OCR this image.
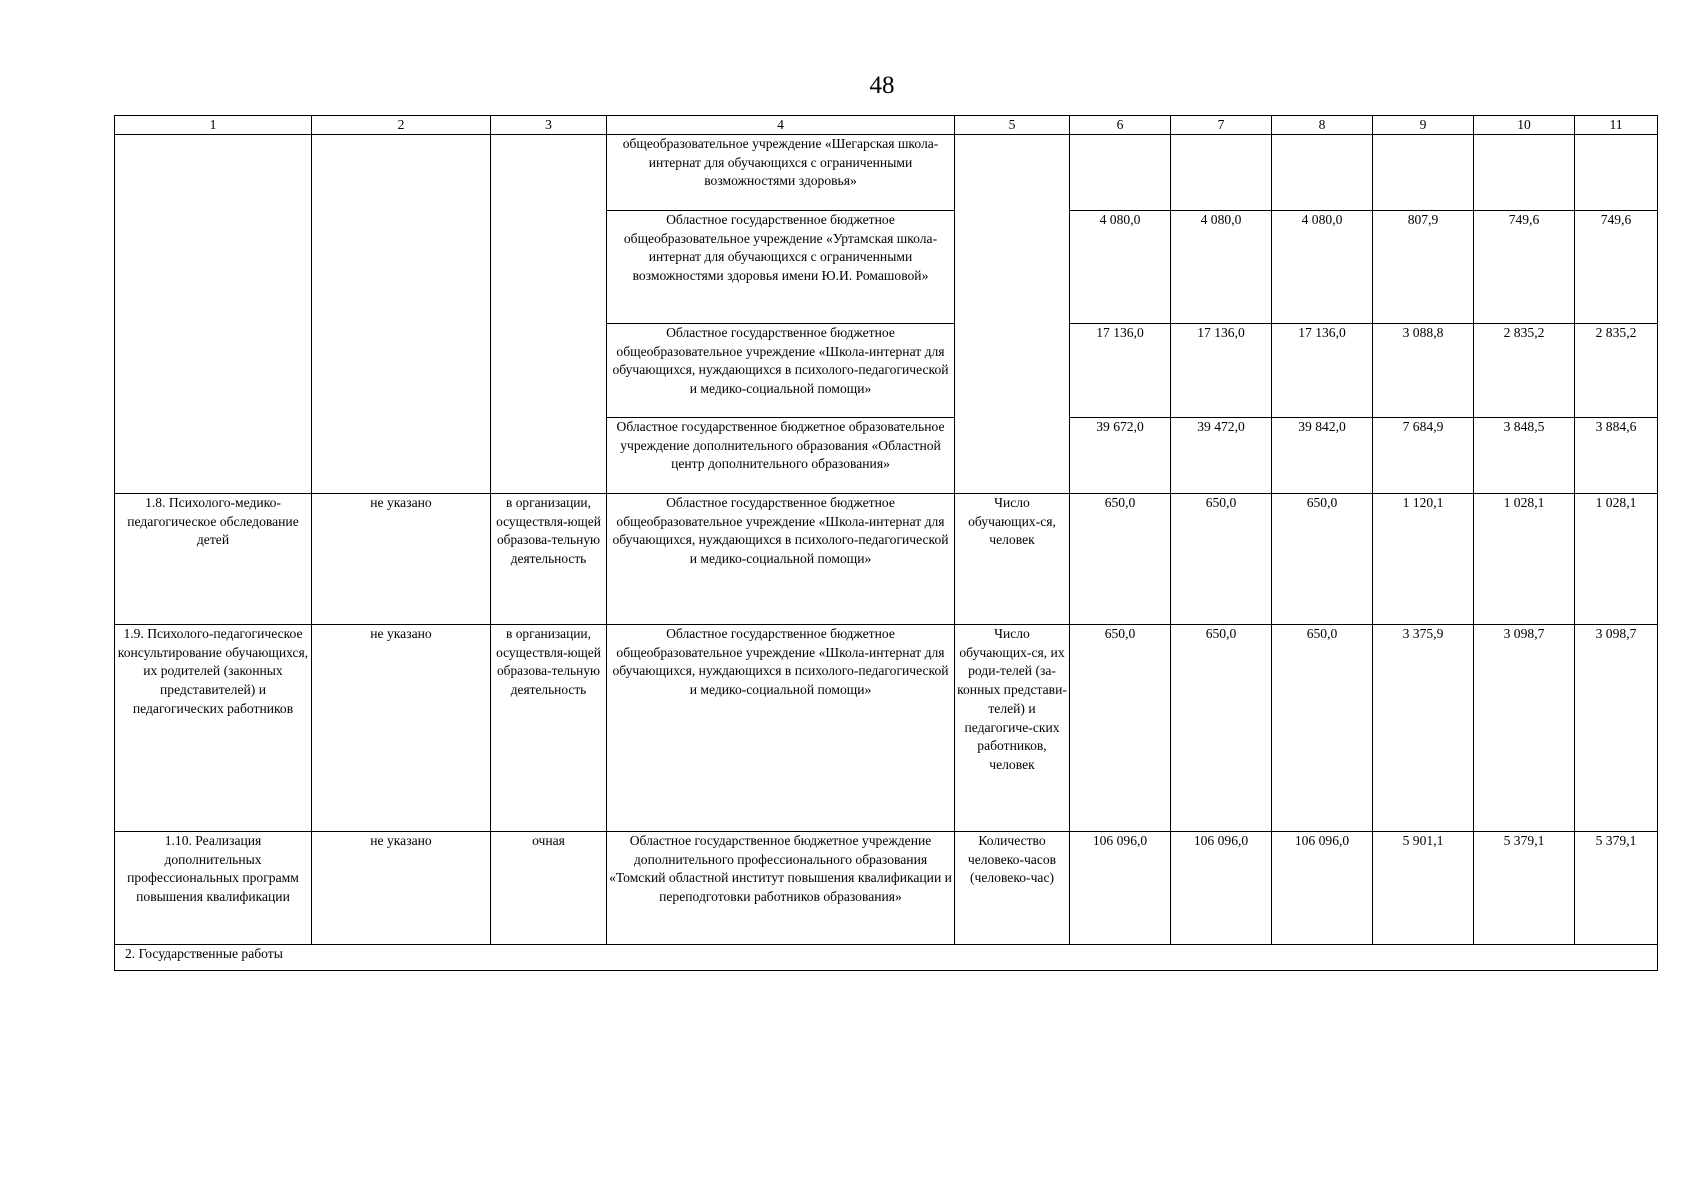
48
1	2	3	4	5	6	7	8	9	10	11
			общеобразовательное учреждение «Шегарская школа-интернат для обучающихся с ограниченными возможностями здоровья»							
			Областное государственное бюджетное общеобразовательное учреждение «Уртамская школа-интернат для обучающихся с ограниченными возможностями здоровья имени Ю.И. Ромашовой»		4 080,0	4 080,0	4 080,0	807,9	749,6	749,6
			Областное государственное бюджетное общеобразовательное учреждение «Школа-интернат для обучающихся, нуждающихся в психолого-педагогической и медико-социальной помощи»		17 136,0	17 136,0	17 136,0	3 088,8	2 835,2	2 835,2
			Областное государственное бюджетное образовательное учреждение дополнительного образования «Областной центр дополнительного образования»		39 672,0	39 472,0	39 842,0	7 684,9	3 848,5	3 884,6
1.8. Психолого-медико-педагогическое обследование детей	не указано	в организации, осуществля-ющей образова-тельную деятельность	Областное государственное бюджетное общеобразовательное учреждение «Школа-интернат для обучающихся, нуждающихся в психолого-педагогической и медико-социальной помощи»	Число обучающих-ся, человек	650,0	650,0	650,0	1 120,1	1 028,1	1 028,1
1.9. Психолого-педагогическое консультирование обучающихся, их родителей (законных представителей) и педагогических работников	не указано	в организации, осуществля-ющей образова-тельную деятельность	Областное государственное бюджетное общеобразовательное учреждение «Школа-интернат для обучающихся, нуждающихся в психолого-педагогической и медико-социальной помощи»	Число обучающих-ся, их роди-телей (за-конных представи-телей) и педагогиче-ских работников, человек	650,0	650,0	650,0	3 375,9	3 098,7	3 098,7
1.10. Реализация дополнительных профессиональных программ повышения квалификации	не указано	очная	Областное государственное бюджетное учреждение дополнительного профессионального образования «Томский областной институт повышения квалификации и переподготовки работников образования»	Количество человеко-часов (человеко-час)	106 096,0	106 096,0	106 096,0	5 901,1	5 379,1	5 379,1
2. Государственные работы										
